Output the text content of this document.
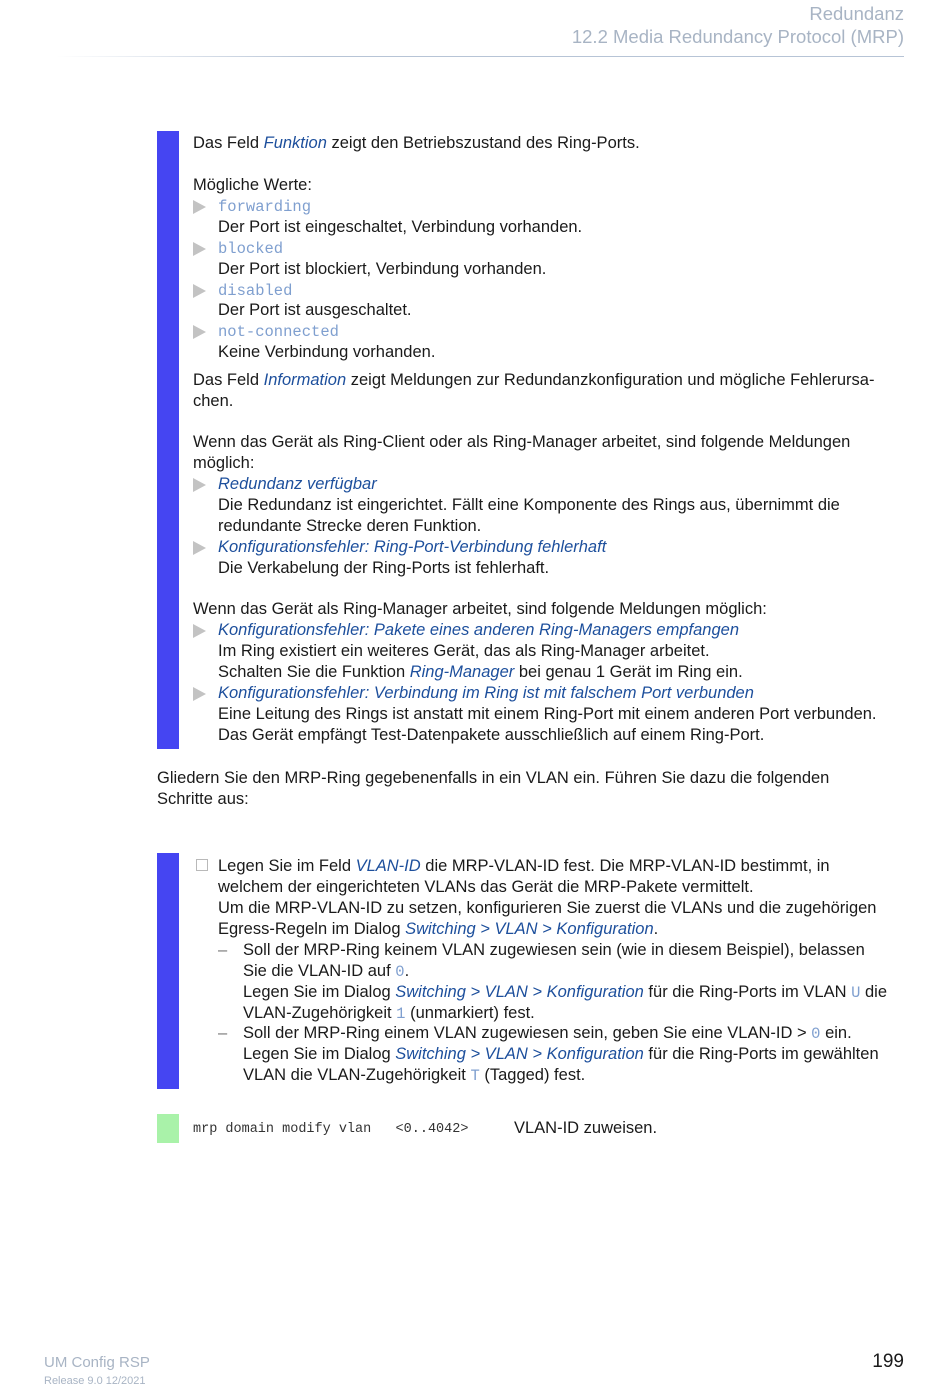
Redundanz
12.2 Media Redundancy Protocol (MRP)
Das Feld Funktion zeigt den Betriebszustand des Ring-Ports.
Mögliche Werte:
forwarding
Der Port ist eingeschaltet, Verbindung vorhanden.
blocked
Der Port ist blockiert, Verbindung vorhanden.
disabled
Der Port ist ausgeschaltet.
not-connected
Keine Verbindung vorhanden.
Das Feld Information zeigt Meldungen zur Redundanzkonfiguration und mögliche Fehlerursa-
chen.
Wenn das Gerät als Ring-Client oder als Ring-Manager arbeitet, sind folgende Meldungen
möglich:
Redundanz verfügbar
Die Redundanz ist eingerichtet. Fällt eine Komponente des Rings aus, übernimmt die
redundante Strecke deren Funktion.
Konfigurationsfehler: Ring-Port-Verbindung fehlerhaft
Die Verkabelung der Ring-Ports ist fehlerhaft.
Wenn das Gerät als Ring-Manager arbeitet, sind folgende Meldungen möglich:
Konfigurationsfehler: Pakete eines anderen Ring-Managers empfangen
Im Ring existiert ein weiteres Gerät, das als Ring-Manager arbeitet.
Schalten Sie die Funktion Ring-Manager bei genau 1 Gerät im Ring ein.
Konfigurationsfehler: Verbindung im Ring ist mit falschem Port verbunden
Eine Leitung des Rings ist anstatt mit einem Ring-Port mit einem anderen Port verbunden.
Das Gerät empfängt Test-Datenpakete ausschließlich auf einem Ring-Port.
Gliedern Sie den MRP-Ring gegebenenfalls in ein VLAN ein. Führen Sie dazu die folgenden
Schritte aus:
Legen Sie im Feld VLAN-ID die MRP-VLAN-ID fest. Die MRP-VLAN-ID bestimmt, in
welchem der eingerichteten VLANs das Gerät die MRP-Pakete vermittelt.
Um die MRP-VLAN-ID zu setzen, konfigurieren Sie zuerst die VLANs und die zugehörigen
Egress-Regeln im Dialog Switching > VLAN > Konfiguration.
– Soll der MRP-Ring keinem VLAN zugewiesen sein (wie in diesem Beispiel), belassen
Sie die VLAN-ID auf 0.
Legen Sie im Dialog Switching > VLAN > Konfiguration für die Ring-Ports im VLAN U die
VLAN-Zugehörigkeit 1 (unmarkiert) fest.
– Soll der MRP-Ring einem VLAN zugewiesen sein, geben Sie eine VLAN-ID > 0 ein.
Legen Sie im Dialog Switching > VLAN > Konfiguration für die Ring-Ports im gewählten
VLAN die VLAN-Zugehörigkeit T (Tagged) fest.
mrp domain modify vlan   <0..4042>	VLAN-ID zuweisen.
UM Config RSP
Release 9.0 12/2021
199
